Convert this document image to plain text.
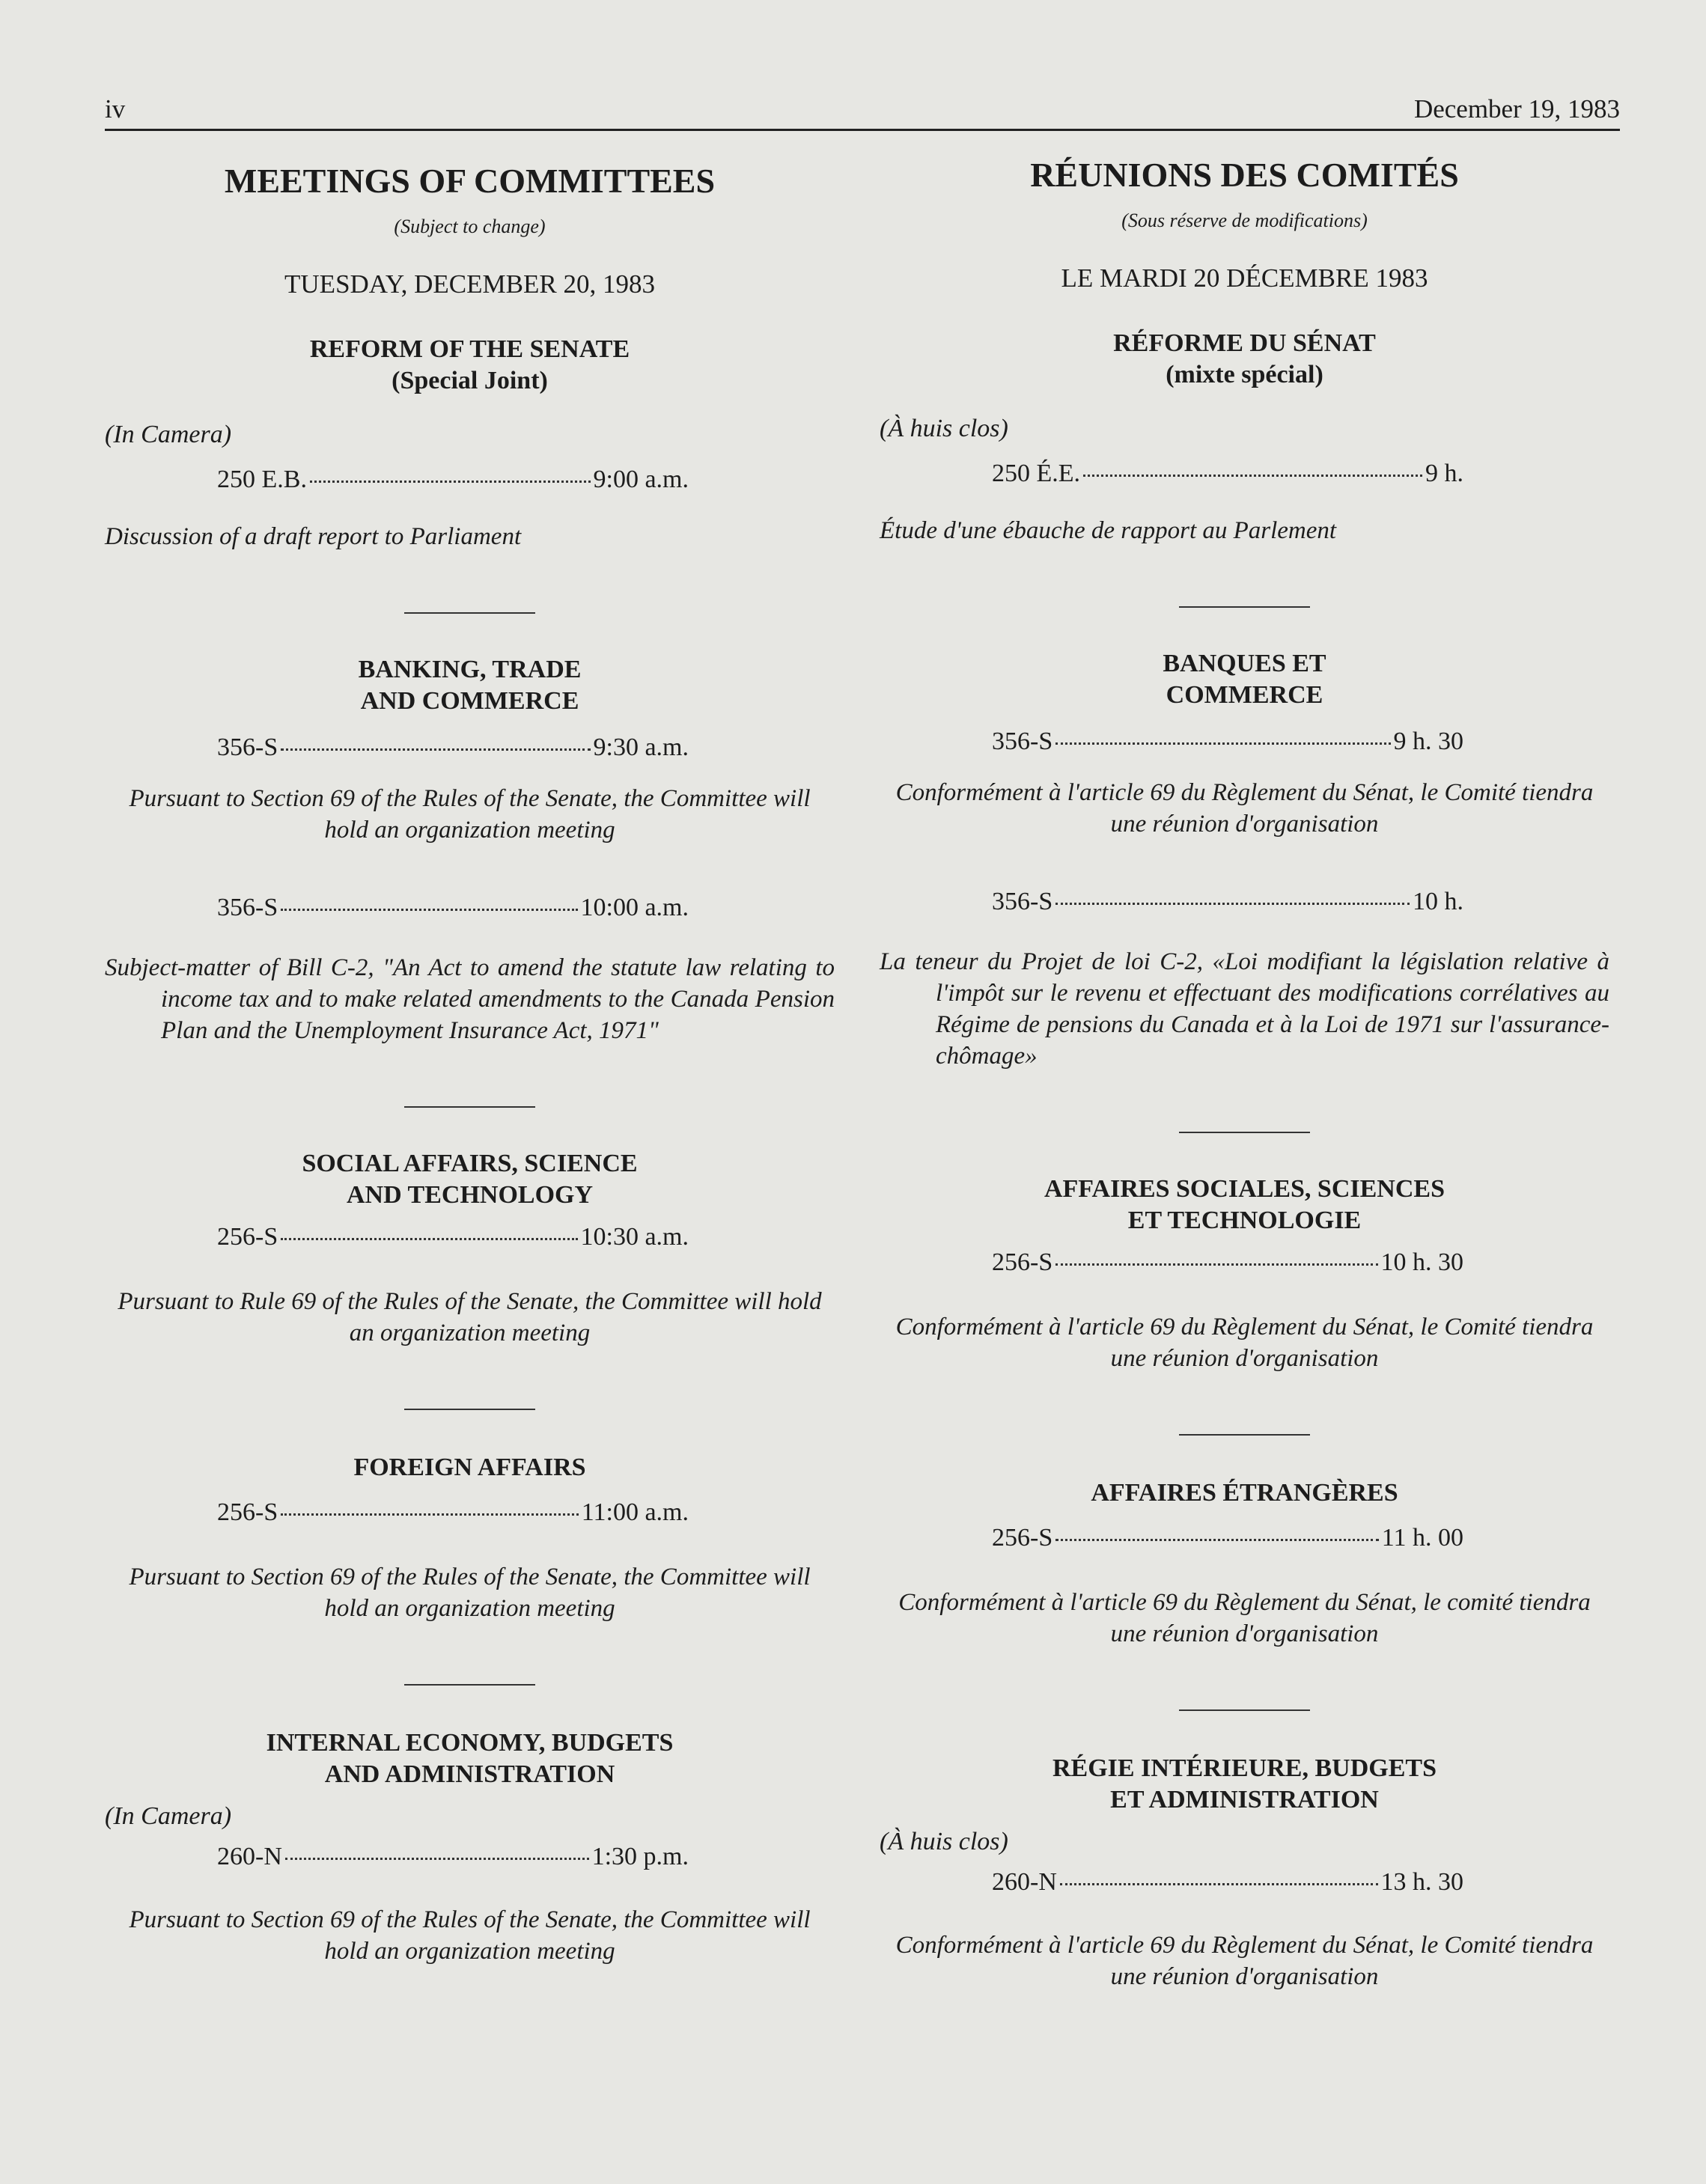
iv	December 19, 1983
MEETINGS OF COMMITTEES
(Subject to change)
TUESDAY, DECEMBER 20, 1983
REFORM OF THE SENATE
(Special Joint)
(In Camera)
250 E.B.	9:00 a.m.
Discussion of a draft report to Parliament
BANKING, TRADE
AND COMMERCE
356-S	9:30 a.m.
Pursuant to Section 69 of the Rules of the Senate, the Committee will hold an organization meeting
356-S	10:00 a.m.
Subject-matter of Bill C-2, "An Act to amend the statute law relating to income tax and to make related amendments to the Canada Pension Plan and the Unemployment Insurance Act, 1971"
SOCIAL AFFAIRS, SCIENCE
AND TECHNOLOGY
256-S	10:30 a.m.
Pursuant to Rule 69 of the Rules of the Senate, the Committee will hold an organization meeting
FOREIGN AFFAIRS
256-S	11:00 a.m.
Pursuant to Section 69 of the Rules of the Senate, the Committee will hold an organization meeting
INTERNAL ECONOMY, BUDGETS
AND ADMINISTRATION
(In Camera)
260-N	1:30 p.m.
Pursuant to Section 69 of the Rules of the Senate, the Committee will hold an organization meeting
RÉUNIONS DES COMITÉS
(Sous réserve de modifications)
LE MARDI 20 DÉCEMBRE 1983
RÉFORME DU SÉNAT
(mixte spécial)
(À huis clos)
250 É.E.	9 h.
Étude d'une ébauche de rapport au Parlement
BANQUES ET
COMMERCE
356-S	9 h. 30
Conformément à l'article 69 du Règlement du Sénat, le Comité tiendra une réunion d'organisation
356-S	10 h.
La teneur du Projet de loi C-2, «Loi modifiant la législation relative à l'impôt sur le revenu et effectuant des modifications corrélatives au Régime de pensions du Canada et à la Loi de 1971 sur l'assurance-chômage»
AFFAIRES SOCIALES, SCIENCES
ET TECHNOLOGIE
256-S	10 h. 30
Conformément à l'article 69 du Règlement du Sénat, le Comité tiendra une réunion d'organisation
AFFAIRES ÉTRANGÈRES
256-S	11 h. 00
Conformément à l'article 69 du Règlement du Sénat, le comité tiendra une réunion d'organisation
RÉGIE INTÉRIEURE, BUDGETS
ET ADMINISTRATION
(À huis clos)
260-N	13 h. 30
Conformément à l'article 69 du Règlement du Sénat, le Comité tiendra une réunion d'organisation
